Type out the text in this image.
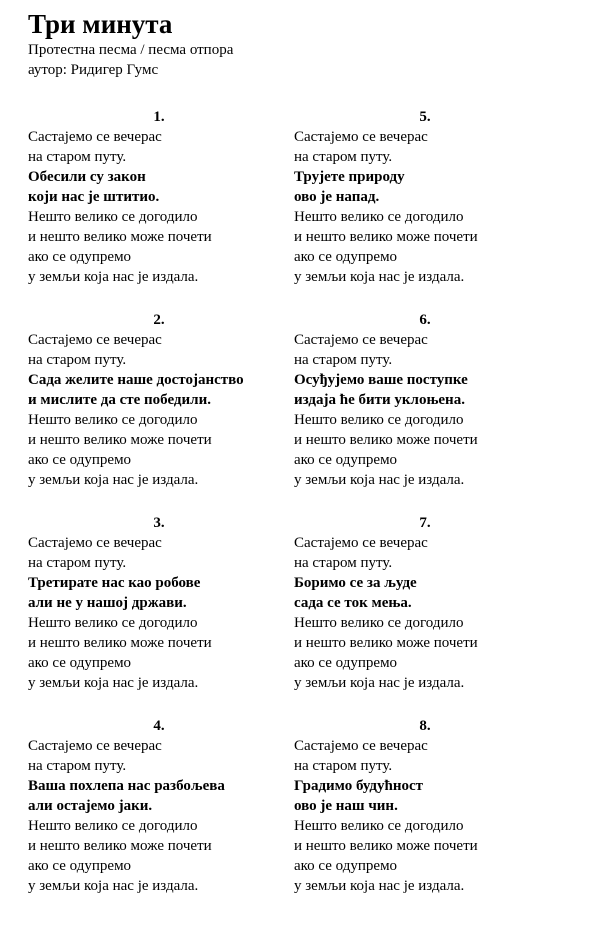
Три минута
Протестна песма / песма отпора
аутор: Ридигер Гумс
1.
Састајемо се вечерас
на старом путу.
Обесили су закон
који нас је штитио.
Нешто велико се догодило
и нешто велико може почети
ако се одупремо
у земљи која нас је издала.
2.
Састајемо се вечерас
на старом путу.
Сада желите наше достојанство
и мислите да сте победили.
Нешто велико се догодило
и нешто велико може почети
ако се одупремо
у земљи која нас је издала.
3.
Састајемо се вечерас
на старом путу.
Третирате нас као робове
али не у нашој држави.
Нешто велико се догодило
и нешто велико може почети
ако се одупремо
у земљи која нас је издала.
4.
Састајемо се вечерас
на старом путу.
Ваша похлепа нас разбољева
али остајемо јаки.
Нешто велико се догодило
и нешто велико може почети
ако се одупремо
у земљи која нас је издала.
5.
Састајемо се вечерас
на старом путу.
Трујете природу
ово је напад.
Нешто велико се догодило
и нешто велико може почети
ако се одупремо
у земљи која нас је издала.
6.
Састајемо се вечерас
на старом путу.
Осуђујемо ваше поступке
издаја ће бити уклоњена.
Нешто велико се догодило
и нешто велико може почети
ако се одупремо
у земљи која нас је издала.
7.
Састајемо се вечерас
на старом путу.
Боримо се за људе
сада се ток мења.
Нешто велико се догодило
и нешто велико може почети
ако се одупремо
у земљи која нас је издала.
8.
Састајемо се вечерас
на старом путу.
Градимо будућност
ово је наш чин.
Нешто велико се догодило
и нешто велико може почети
ако се одупремо
у земљи која нас је издала.
